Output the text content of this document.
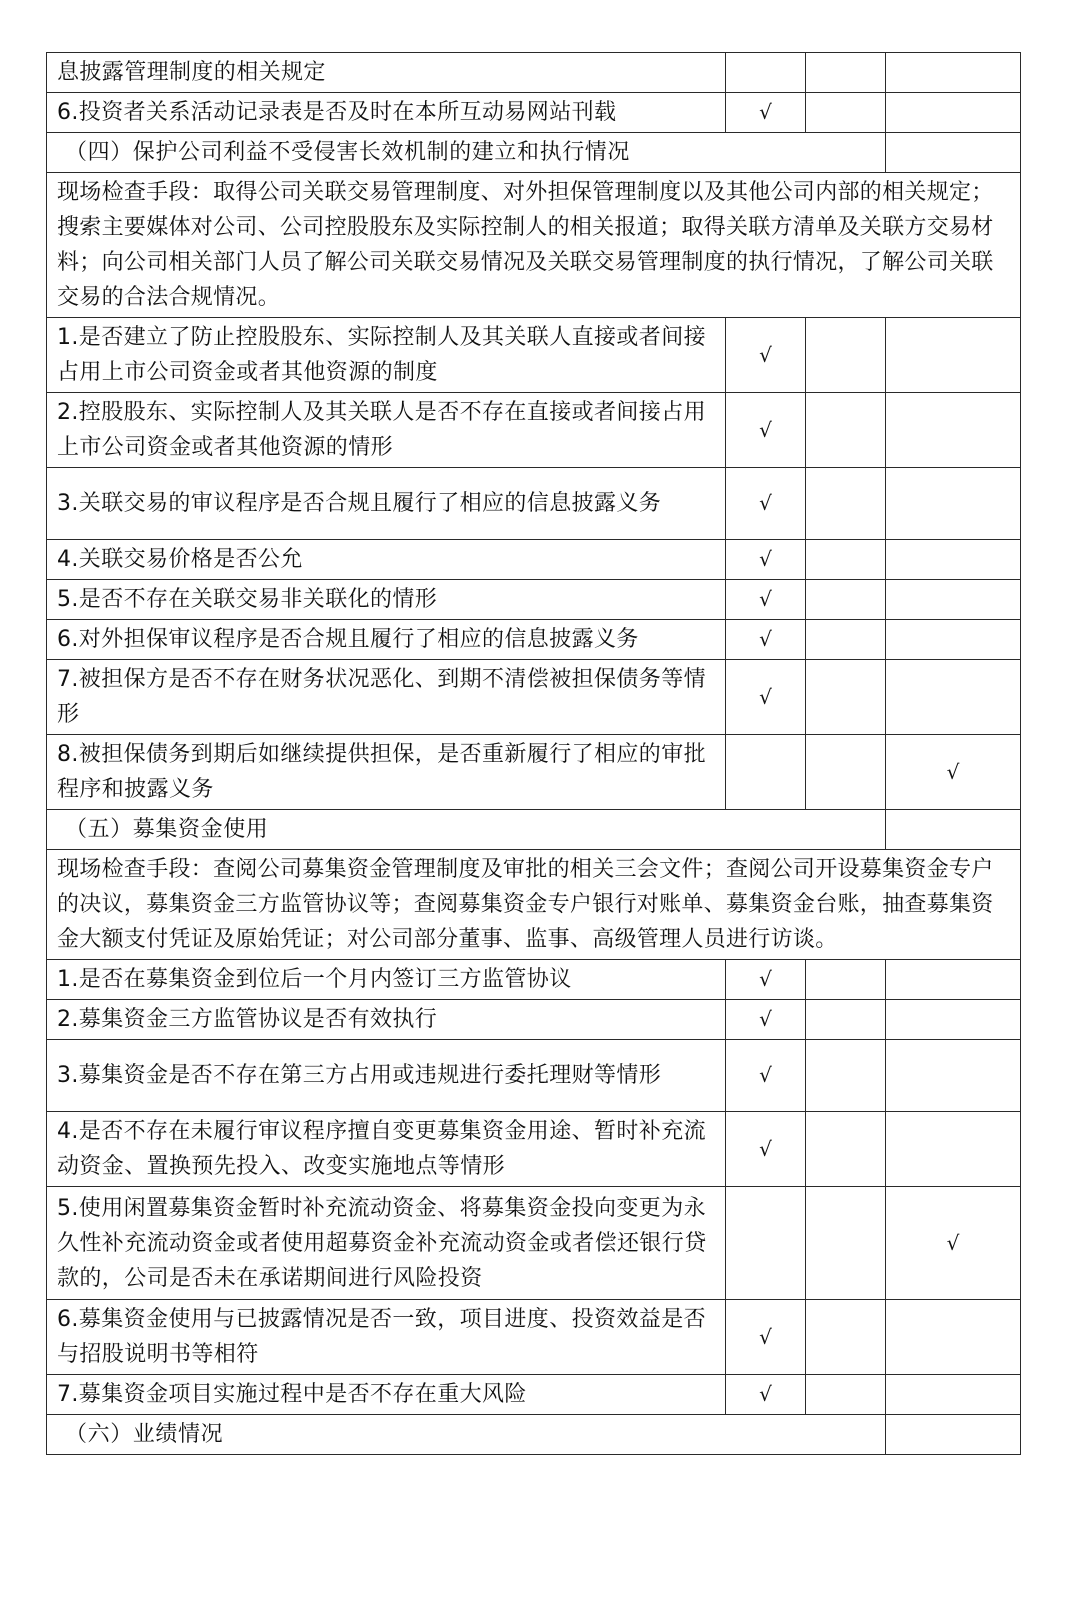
息披露管理制度的相关规定			
6.投资者关系活动记录表是否及时在本所互动易网站刊载	√		
（四）保护公司利益不受侵害长效机制的建立和执行情况			
现场检查手段：取得公司关联交易管理制度、对外担保管理制度以及其他公司内部的相关规定；搜索主要媒体对公司、公司控股股东及实际控制人的相关报道；取得关联方清单及关联方交易材料；向公司相关部门人员了解公司关联交易情况及关联交易管理制度的执行情况，了解公司关联交易的合法合规情况。			
1.是否建立了防止控股股东、实际控制人及其关联人直接或者间接占用上市公司资金或者其他资源的制度	√		
2.控股股东、实际控制人及其关联人是否不存在直接或者间接占用上市公司资金或者其他资源的情形	√		
3.关联交易的审议程序是否合规且履行了相应的信息披露义务	√		
4.关联交易价格是否公允	√		
5.是否不存在关联交易非关联化的情形	√		
6.对外担保审议程序是否合规且履行了相应的信息披露义务	√		
7.被担保方是否不存在财务状况恶化、到期不清偿被担保债务等情形	√		
8.被担保债务到期后如继续提供担保，是否重新履行了相应的审批程序和披露义务			√
（五）募集资金使用			
现场检查手段：查阅公司募集资金管理制度及审批的相关三会文件；查阅公司开设募集资金专户的决议，募集资金三方监管协议等；查阅募集资金专户银行对账单、募集资金台账，抽查募集资金大额支付凭证及原始凭证；对公司部分董事、监事、高级管理人员进行访谈。			
1.是否在募集资金到位后一个月内签订三方监管协议	√		
2.募集资金三方监管协议是否有效执行	√		
3.募集资金是否不存在第三方占用或违规进行委托理财等情形	√		
4.是否不存在未履行审议程序擅自变更募集资金用途、暂时补充流动资金、置换预先投入、改变实施地点等情形	√		
5.使用闲置募集资金暂时补充流动资金、将募集资金投向变更为永久性补充流动资金或者使用超募资金补充流动资金或者偿还银行贷款的，公司是否未在承诺期间进行风险投资			√
6.募集资金使用与已披露情况是否一致，项目进度、投资效益是否与招股说明书等相符	√		
7.募集资金项目实施过程中是否不存在重大风险	√		
（六）业绩情况			
